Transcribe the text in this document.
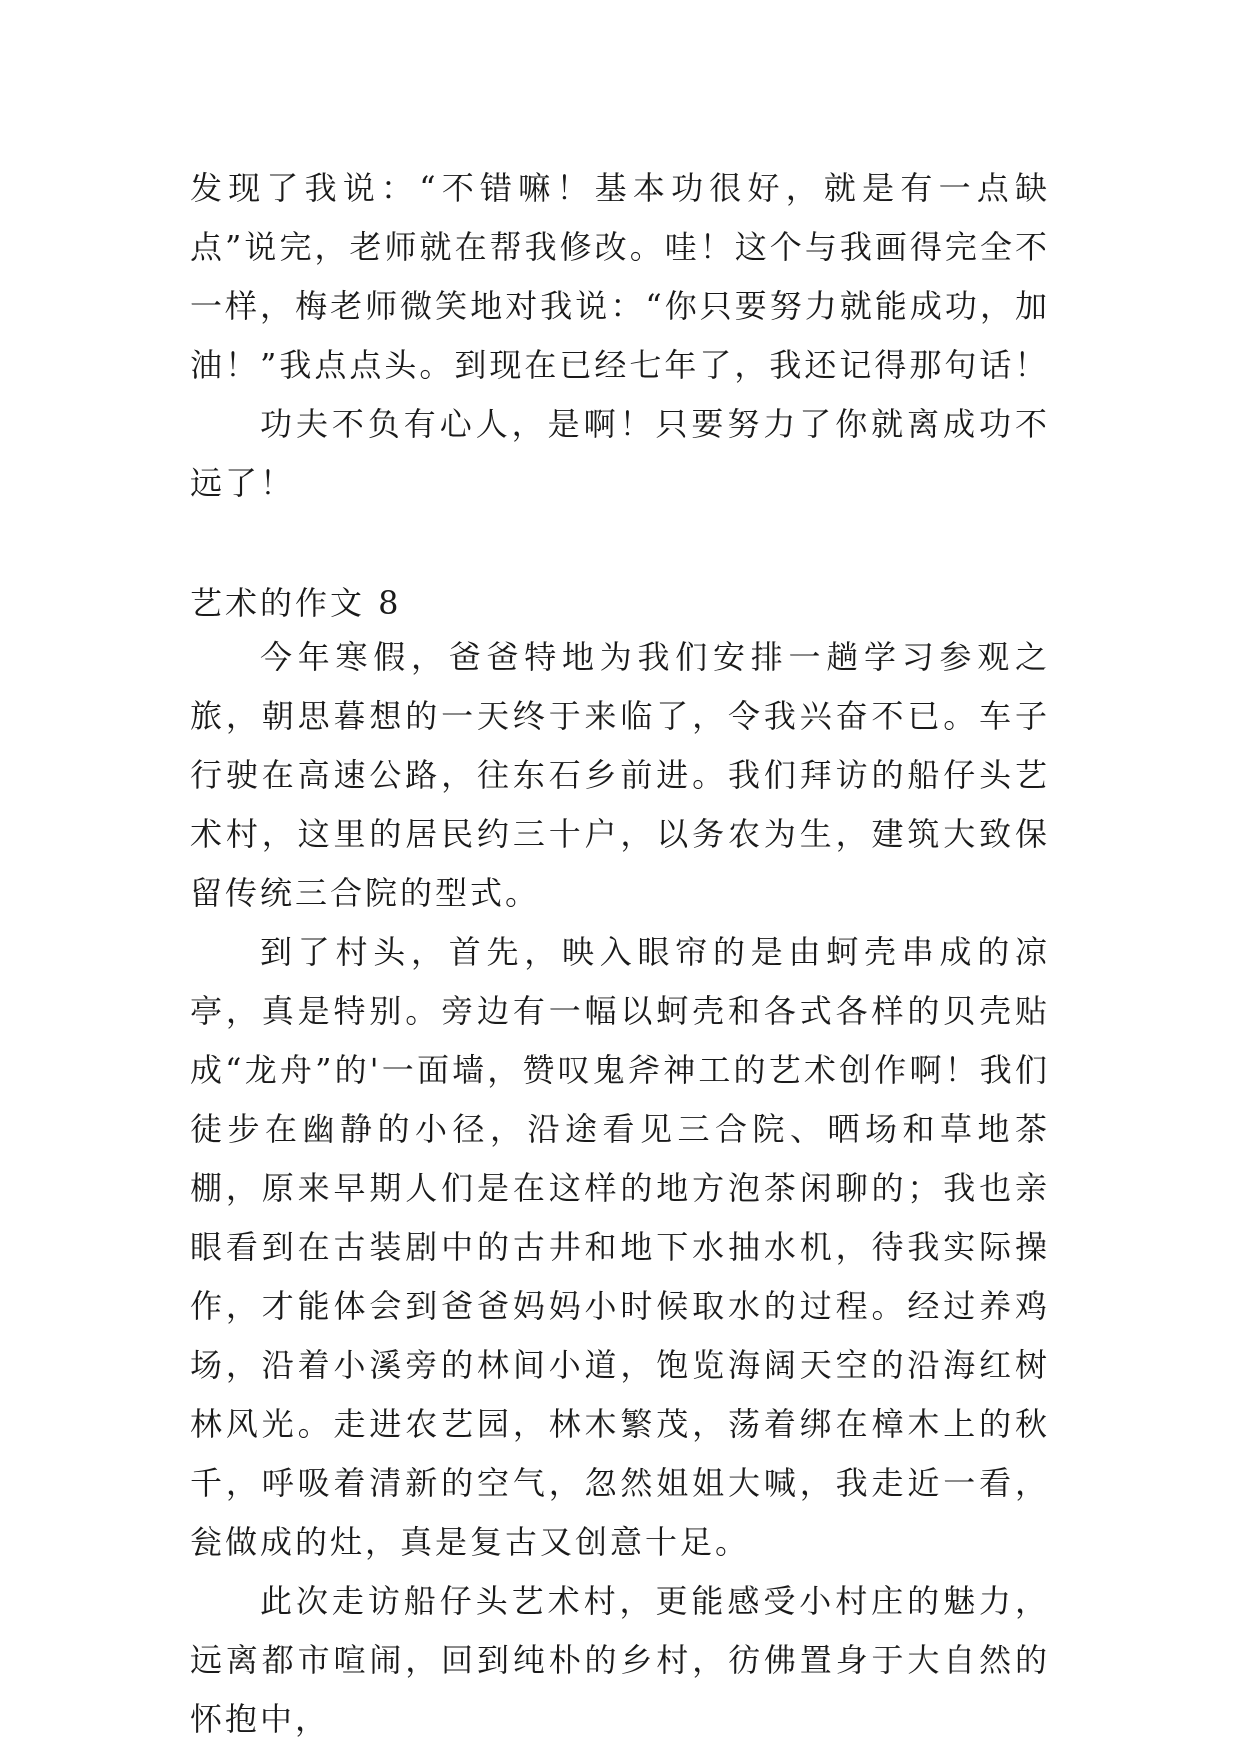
发现了我说：“不错嘛！基本功很好，就是有一点缺点”说完，老师就在帮我修改。哇！这个与我画得完全不一样，梅老师微笑地对我说：“你只要努力就能成功，加油！”我点点头。到现在已经七年了，我还记得那句话！

功夫不负有心人，是啊！只要努力了你就离成功不远了！

艺术的作文 8

今年寒假，爸爸特地为我们安排一趟学习参观之旅，朝思暮想的一天终于来临了，令我兴奋不已。车子行驶在高速公路，往东石乡前进。我们拜访的船仔头艺术村，这里的居民约三十户，以务农为生，建筑大致保留传统三合院的型式。

到了村头，首先，映入眼帘的是由蚵壳串成的凉亭，真是特别。旁边有一幅以蚵壳和各式各样的贝壳贴成“龙舟”的'一面墙，赞叹鬼斧神工的艺术创作啊！我们徒步在幽静的小径，沿途看见三合院、晒场和草地茶棚，原来早期人们是在这样的地方泡茶闲聊的；我也亲眼看到在古装剧中的古井和地下水抽水机，待我实际操作，才能体会到爸爸妈妈小时候取水的过程。经过养鸡场，沿着小溪旁的林间小道，饱览海阔天空的沿海红树林风光。走进农艺园，林木繁茂，荡着绑在樟木上的秋千，呼吸着清新的空气，忽然姐姐大喊，我走近一看，瓮做成的灶，真是复古又创意十足。

此次走访船仔头艺术村，更能感受小村庄的魅力，远离都市喧闹，回到纯朴的乡村，彷佛置身于大自然的怀抱中，
